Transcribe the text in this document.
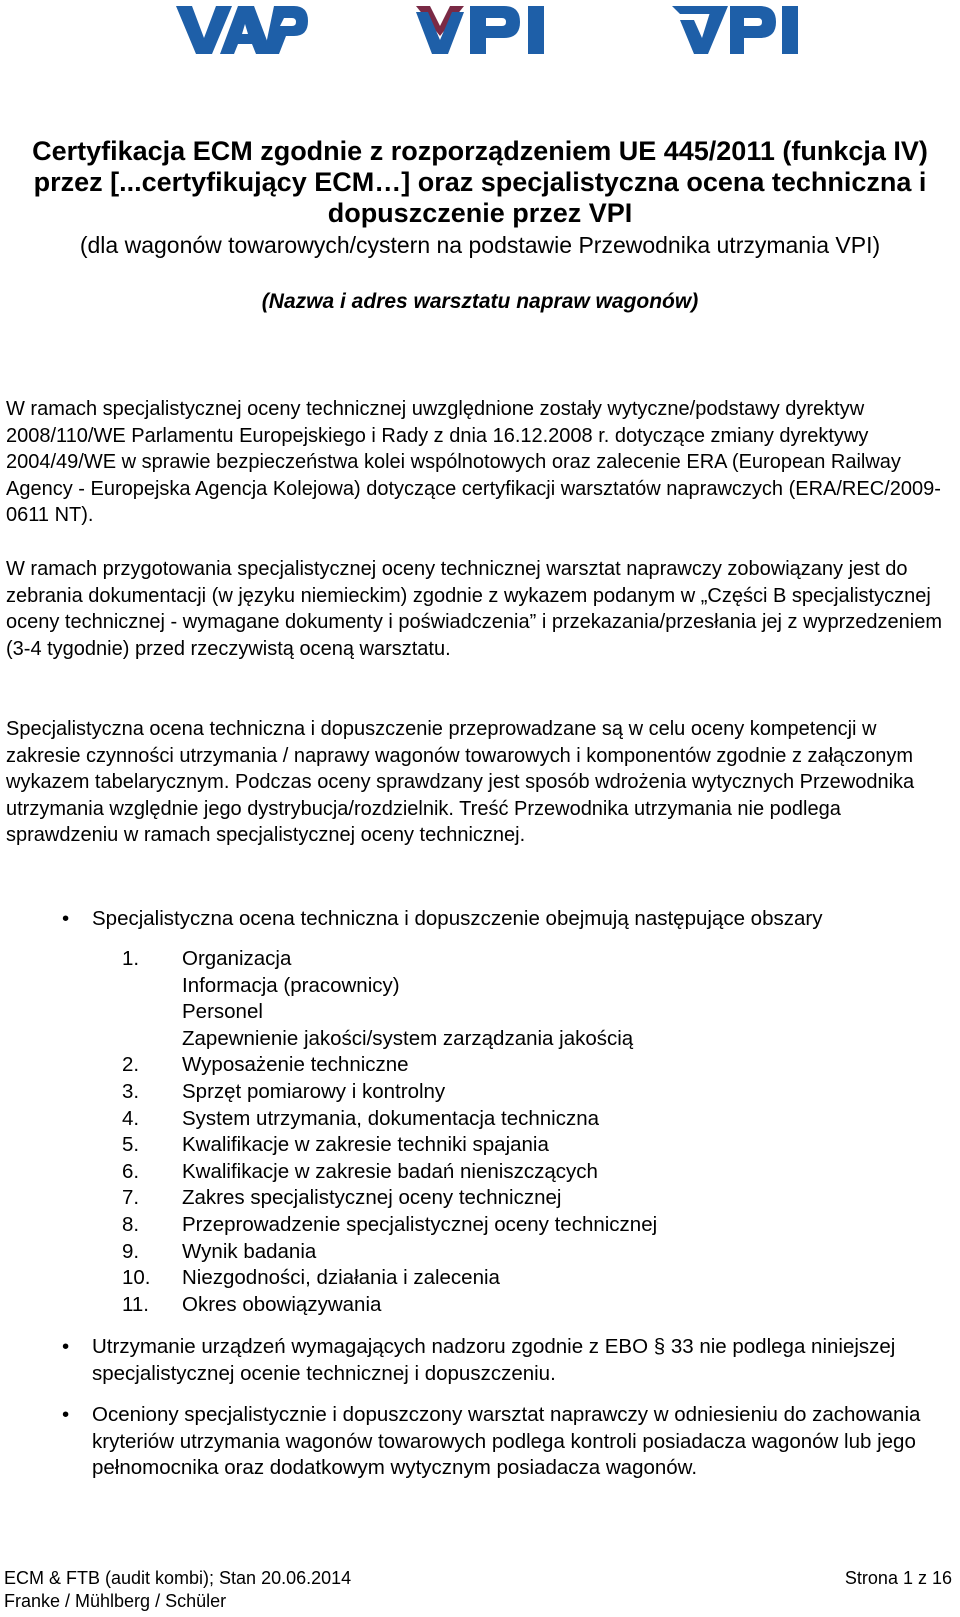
Certyfikacja ECM zgodnie z rozporządzeniem UE 445/2011 (funkcja IV)
przez [...certyfikujący ECM…] oraz specjalistyczna ocena techniczna i
dopuszczenie przez VPI
(dla wagonów towarowych/cystern na podstawie Przewodnika utrzymania VPI)
(Nazwa i adres warsztatu napraw wagonów)
W ramach specjalistycznej oceny technicznej uwzględnione zostały wytyczne/podstawy dyrektyw 2008/110/WE Parlamentu Europejskiego i Rady z dnia 16.12.2008 r. dotyczące zmiany dyrektywy 2004/49/WE w sprawie bezpieczeństwa kolei wspólnotowych oraz zalecenie ERA (European Railway Agency - Europejska Agencja Kolejowa) dotyczące certyfikacji warsztatów naprawczych (ERA/REC/2009-0611 NT).
W ramach przygotowania specjalistycznej oceny technicznej warsztat naprawczy zobowiązany jest do zebrania dokumentacji (w języku niemieckim) zgodnie z wykazem podanym w „Części B specjalistycznej oceny technicznej - wymagane dokumenty i poświadczenia” i przekazania/przesłania jej z wyprzedzeniem (3-4 tygodnie) przed rzeczywistą oceną warsztatu.
Specjalistyczna ocena techniczna i dopuszczenie przeprowadzane są w celu oceny kompetencji w zakresie czynności utrzymania / naprawy wagonów towarowych i komponentów zgodnie z załączonym wykazem tabelarycznym. Podczas oceny sprawdzany jest sposób wdrożenia wytycznych Przewodnika utrzymania względnie jego dystrybucja/rozdzielnik. Treść Przewodnika utrzymania nie podlega sprawdzeniu w ramach specjalistycznej oceny technicznej.
• Specjalistyczna ocena techniczna i dopuszczenie obejmują następujące obszary
1. Organizacja
Informacja (pracownicy)
Personel
Zapewnienie jakości/system zarządzania jakością
2. Wyposażenie techniczne
3. Sprzęt pomiarowy i kontrolny
4. System utrzymania, dokumentacja techniczna
5. Kwalifikacje w zakresie techniki spajania
6. Kwalifikacje w zakresie badań nieniszczących
7. Zakres specjalistycznej oceny technicznej
8. Przeprowadzenie specjalistycznej oceny technicznej
9. Wynik badania
10. Niezgodności, działania i zalecenia
11. Okres obowiązywania
• Utrzymanie urządzeń wymagających nadzoru zgodnie z EBO § 33 nie podlega niniejszej specjalistycznej ocenie technicznej i dopuszczeniu.
• Oceniony specjalistycznie i dopuszczony warsztat naprawczy w odniesieniu do zachowania kryteriów utrzymania wagonów towarowych podlega kontroli posiadacza wagonów lub jego pełnomocnika oraz dodatkowym wytycznym posiadacza wagonów.
ECM & FTB (audit kombi); Stan 20.06.2014	Strona 1 z 16
Franke / Mühlberg / Schüler
